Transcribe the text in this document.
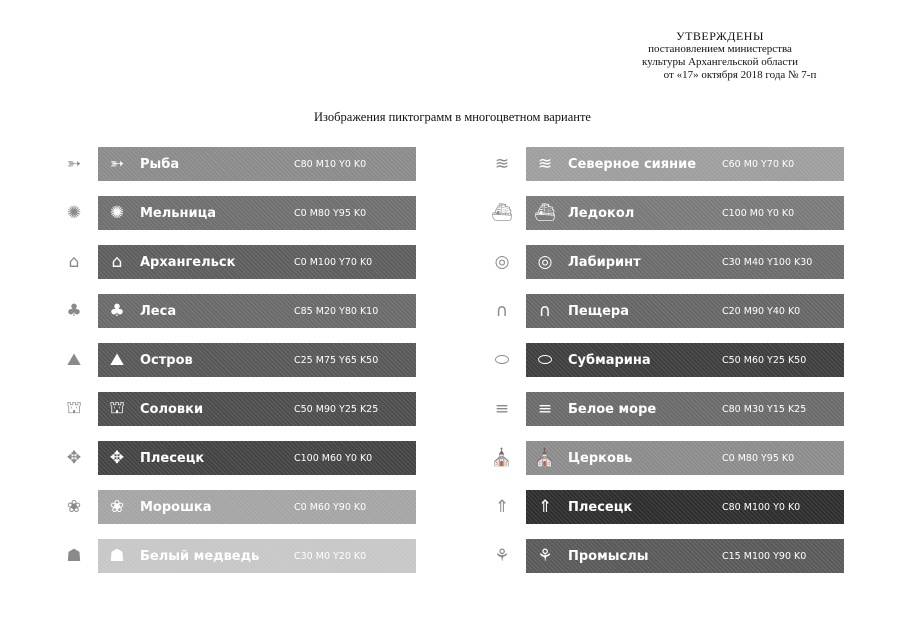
УТВЕРЖДЕНЫ
постановлением министерства
культуры Архангельской области
от «17» октября 2018 года № 7-п
Изображения пиктограмм в многоцветном варианте
➳	➳	Рыба	C80 M10 Y0 K0
✺	✺	Мельница	C0 M80 Y95 K0
⌂	⌂	Архангельск	C0 M100 Y70 K0
♣	♣	Леса	C85 M20 Y80 K10
⛰	⛰	Остров	C25 M75 Y65 K50
⛫	⛫	Соловки	C50 M90 Y25 K25
✥	✥	Плесецк	C100 M60 Y0 K0
❀	❀	Морошка	C0 M60 Y90 K0
☗	☗	Белый медведь	C30 M0 Y20 K0
≋	≋	Северное сияние	C60 M0 Y70 K0
⛴ ⛴ Ледокол	C100 M0 Y0 K0
◎	◎	Лабиринт	C30 M40 Y100 K30
∩	∩	Пещера	C20 M90 Y40 K0
⬭	⬭	Субмарина	C50 M60 Y25 K50
≡	≡	Белое море	C80 M30 Y15 K25
⛪ ⛪ Церковь	C0 M80 Y95 K0
⇑	⇑	Плесецк	C80 M100 Y0 K0
⚘	⚘	Промыслы	C15 M100 Y90 K0
